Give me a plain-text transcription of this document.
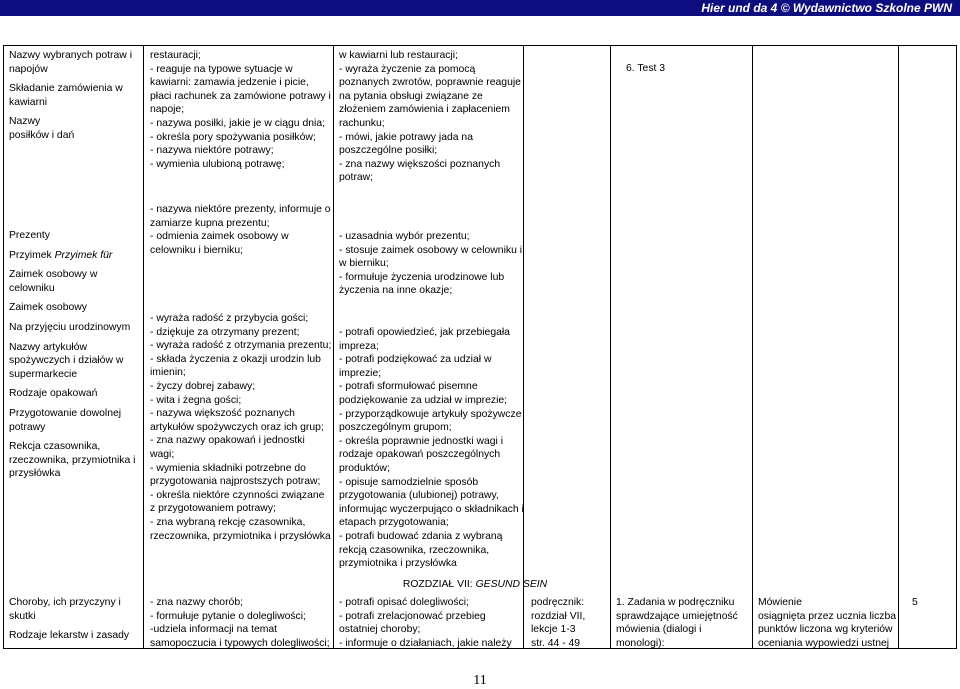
Hier und da 4 © Wydawnictwo Szkolne PWN
Nazwy wybranych potraw i
napojów
Składanie zamówienia w
kawiarni
Nazwy
posiłków i dań
restauracji;
- reaguje na typowe sytuacje w
kawiarni: zamawia jedzenie i picie,
płaci rachunek za zamówione potrawy i
napoje;
- nazywa posiłki, jakie je w ciągu dnia;
- określa pory spożywania posiłków;
- nazywa niektóre potrawy;
- wymienia ulubioną potrawę;
w kawiarni lub restauracji;
- wyraża życzenie za pomocą
poznanych zwrotów, poprawnie reaguje
na pytania obsługi związane ze
złożeniem zamówienia i zapłaceniem
rachunku;
- mówi, jakie potrawy jada na
poszczególne posiłki;
- zna nazwy większości poznanych
potraw;
6. Test 3
Prezenty
Przyimek Przyimek für
Zaimek osobowy w
celowniku
Zaimek osobowy
Na przyjęciu urodzinowym
Nazwy artykułów
spożywczych i działów w
supermarkecie
Rodzaje opakowań
Przygotowanie dowolnej
potrawy
Rekcja czasownika,
rzeczownika, przymiotnika i
przysłówka
- nazywa niektóre prezenty, informuje o
zamiarze kupna prezentu;
- odmienia zaimek osobowy w
celowniku i bierniku;
- wyraża radość z przybycia gości;
- dziękuje za otrzymany prezent;
- wyraża radość z otrzymania prezentu;
- składa życzenia z okazji urodzin lub
imienin;
- życzy dobrej zabawy;
- wita i żegna gości;
- nazywa większość poznanych
artykułów spożywczych oraz ich grup;
- zna nazwy opakowań i jednostki
wagi;
- wymienia składniki potrzebne do
przygotowania najprostszych potraw;
- określa niektóre czynności związane
z przygotowaniem potrawy;
- zna wybraną rekcję czasownika,
rzeczownika, przymiotnika i przysłówka
- uzasadnia wybór prezentu;
- stosuje zaimek osobowy w celowniku i
w bierniku;
- formułuje życzenia urodzinowe lub
życzenia na inne okazje;
- potrafi opowiedzieć, jak przebiegała
impreza;
- potrafi podziękować za udział w
imprezie;
- potrafi sformułować pisemne
podziękowanie za udział w imprezie;
- przyporządkowuje artykuły spożywcze
poszczególnym grupom;
- określa poprawnie jednostki wagi i
rodzaje opakowań poszczególnych
produktów;
- opisuje samodzielnie sposób
przygotowania (ulubionej) potrawy,
informując wyczerpująco o składnikach i
etapach przygotowania;
- potrafi budować zdania z wybraną
rekcją czasownika, rzeczownika,
przymiotnika i przysłówka
ROZDZIAŁ VII: GESUND SEIN
Choroby, ich przyczyny i
skutki
Rodzaje lekarstw i zasady
- zna nazwy chorób;
- formułuje pytanie o dolegliwości;
-udziela informacji na temat
samopoczucia i typowych dolegliwości;
- potrafi opisać dolegliwości;
- potrafi zrelacjonować przebieg
ostatniej choroby;
- informuje o działaniach, jakie należy
podręcznik:
rozdział VII,
lekcje 1-3
str. 44 - 49
1. Zadania w podręczniku
sprawdzające umiejętność
mówienia (dialogi i
monologi):
Mówienie
osiągnięta przez ucznia liczba
punktów liczona wg kryteriów
oceniania wypowiedzi ustnej
5
11
